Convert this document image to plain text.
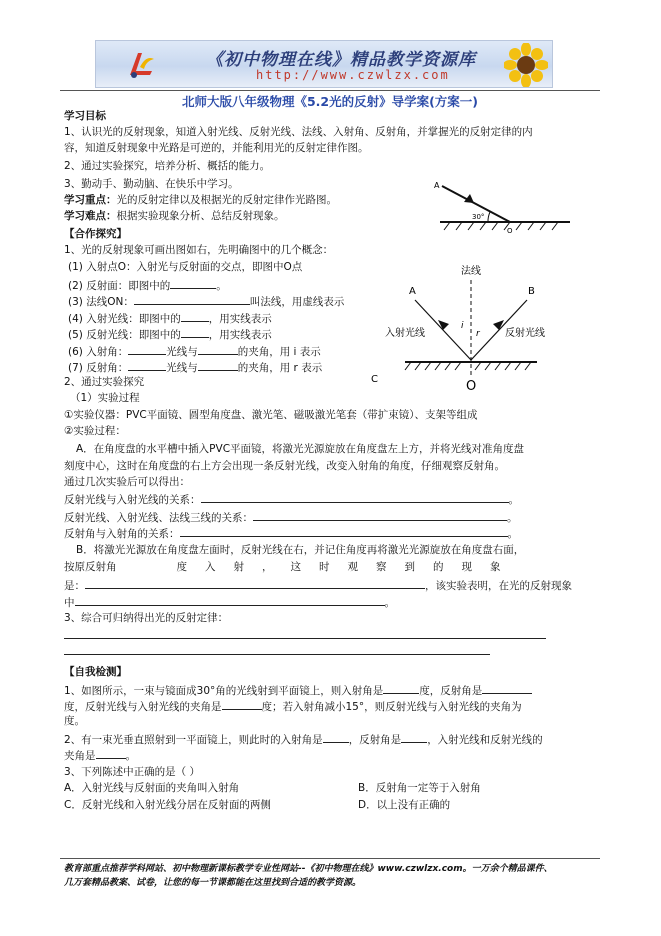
《初中物理在线》精品教学资源库
http://www.czwlzx.com
北师大版八年级物理《5.2光的反射》导学案(方案一)
学习目标
1、认识光的反射现象，知道入射光线、反射光线、法线、入射角、反射角，并掌握光的反射定律的内
容，知道反射现象中光路是可逆的，并能利用光的反射定律作图。
2、通过实验探究，培养分析、概括的能力。
3、勤动手、勤动脑、在快乐中学习。
学习重点：光的反射定律以及根据光的反射定律作光路图。
学习难点：根据实验现象分析、总结反射现象。	30°
A
O
【合作探究】
1、光的反射现象可画出图如右，先明确图中的几个概念：
(1) 入射点O：入射光与反射面的交点，即图中O点
(2) 反射面：即图中的	。
(3) 法线ON：	叫法线，用虚线表示
(4) 入射光线：即图中的	，用实线表示
(5) 反射光线：即图中的	，用实线表示
(6) 入射角：	光线与	的夹角，用 i 表示
(7) 反射角：	光线与	的夹角，用 r 表示
法线
A	B
入射光线	反射光线
i
r
C	O
2、通过实验探究
（1）实验过程
①实验仪器：PVC平面镜、圆型角度盘、激光笔、磁吸激光笔套（带扩束镜）、支架等组成
②实验过程：
A．在角度盘的水平槽中插入PVC平面镜，将激光光源旋放在角度盘左上方，并将光线对准角度盘
刻度中心，这时在角度盘的右上方会出现一条反射光线，改变入射角的角度，仔细观察反射角。
通过几次实验后可以得出：
反射光线与入射光线的关系：	。
反射光线、入射光线、法线三线的关系：	。
反射角与入射角的关系：	。
B．将激光光源放在角度盘左面时，反射光线在右，并记住角度再将激光光源旋放在角度盘右面，
按原反射角	度入射，这时观察到的现象
是：	，该实验表明，在光的反射现象
中	。
3、综合可归纳得出光的反射定律：
【自我检测】
1、如图所示，一束与镜面成30°角的光线射到平面镜上，则入射角是	度，反射角是
度，反射光线与入射光线的夹角是	度；若入射角减小15°，则反射光线与入射光线的夹角为
度。
2、有一束光垂直照射到一平面镜上，则此时的入射角是 ，反射角是 ，入射光线和反射光线的
夹角是	。
3、下列陈述中正确的是（ ）
A．入射光线与反射面的夹角叫入射角	B．反射角一定等于入射角
C．反射光线和入射光线分居在反射面的两侧	D．以上没有正确的
教育部重点推荐学科网站、初中物理新课标教学专业性网站--《初中物理在线》www.czwlzx.com。一万余个精品课件、
几万套精品教案、试卷，让您的每一节课都能在这里找到合适的教学资源。
